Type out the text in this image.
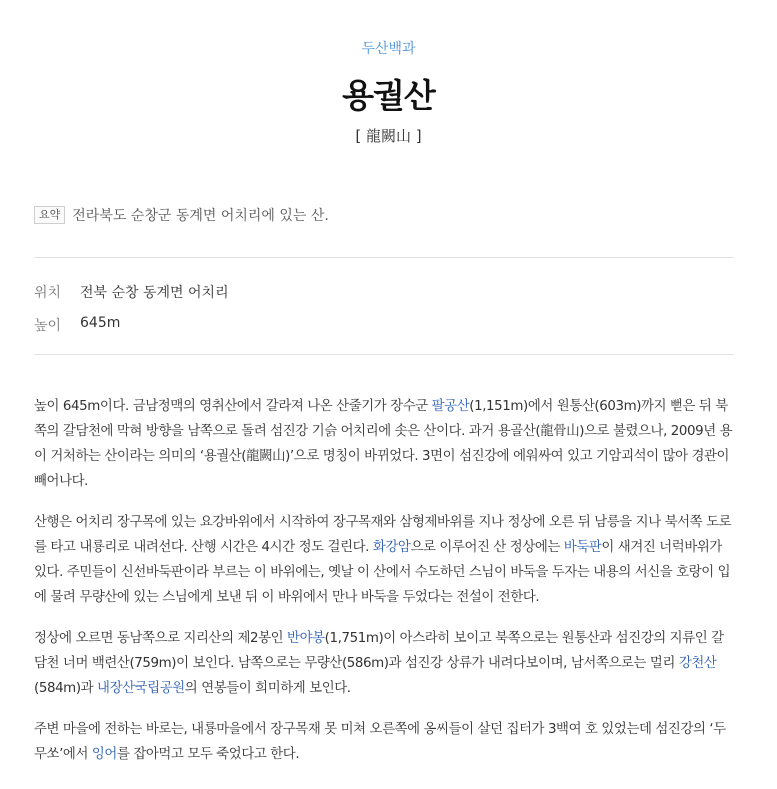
두산백과
용궐산
[ 龍闕山 ]
요약 전라북도 순창군 동계면 어치리에 있는 산.
위치	전북 순창 동계면 어치리
높이	645m

높이 645m이다. 금남정맥의 영취산에서 갈라져 나온 산줄기가 장수군 팔공산(1,151m)에서 원통산(603m)까지 뻗은 뒤 북쪽의 갈담천에 막혀 방향을 남쪽으로 돌려 섬진강 기슭 어치리에 솟은 산이다. 과거 용골산(龍骨山)으로 불렸으나, 2009년 용이 거처하는 산이라는 의미의 ‘용궐산(龍闕山)’으로 명칭이 바뀌었다. 3면이 섬진강에 에워싸여 있고 기암괴석이 많아 경관이 빼어나다.

산행은 어치리 장구목에 있는 요강바위에서 시작하여 장구목재와 삼형제바위를 지나 정상에 오른 뒤 남릉을 지나 북서쪽 도로를 타고 내룡리로 내려선다. 산행 시간은 4시간 정도 걸린다. 화강암으로 이루어진 산 정상에는 바둑판이 새겨진 너럭바위가 있다. 주민들이 신선바둑판이라 부르는 이 바위에는, 옛날 이 산에서 수도하던 스님이 바둑을 두자는 내용의 서신을 호랑이 입에 물려 무량산에 있는 스님에게 보낸 뒤 이 바위에서 만나 바둑을 두었다는 전설이 전한다.

정상에 오르면 동남쪽으로 지리산의 제2봉인 반야봉(1,751m)이 아스라히 보이고 북쪽으로는 원통산과 섬진강의 지류인 갈담천 너머 백련산(759m)이 보인다. 남쪽으로는 무량산(586m)과 섬진강 상류가 내려다보이며, 남서쪽으로는 멀리 강천산(584m)과 내장산국립공원의 연봉들이 희미하게 보인다.

주변 마을에 전하는 바로는, 내룡마을에서 장구목재 못 미쳐 오른쪽에 옹씨들이 살던 집터가 3백여 호 있었는데 섬진강의 ‘두무쏘’에서 잉어를 잡아먹고 모두 죽었다고 한다.
